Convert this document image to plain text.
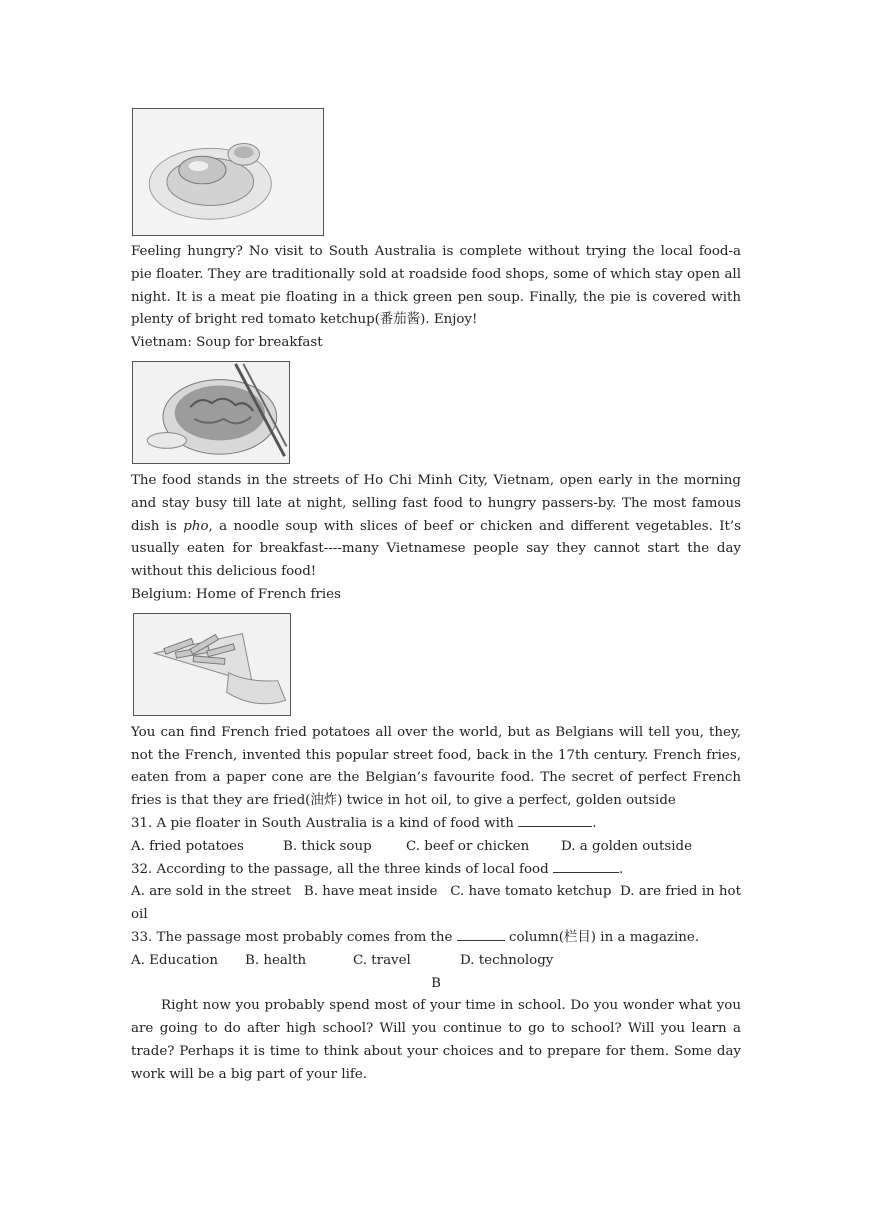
Feeling hungry? No visit to South Australia is complete without trying the local food-a pie floater. They are traditionally sold at roadside food shops, some of which stay open all night. It is a meat pie floating in a thick green pen soup. Finally, the pie is covered with plenty of bright red tomato ketchup(番茄酱). Enjoy!

Vietnam: Soup for breakfast

The food stands in the streets of Ho Chi Minh City, Vietnam, open early in the morning and stay busy till late at night, selling fast food to hungry passers-by. The most famous dish is pho, a noodle soup with slices of beef or chicken and different vegetables. It’s usually eaten for breakfast----many Vietnamese people say they cannot start the day without this delicious food!

Belgium: Home of French fries

You can find French fried potatoes all over the world, but as Belgians will tell you, they, not the French, invented this popular street food, back in the 17th century. French fries, eaten from a paper cone are the Belgian’s favourite food. The secret of perfect French fries is that they are fried(油炸) twice in hot oil, to give a perfect, golden outside

31. A pie floater in South Australia is a kind of food with	.
A. fried potatoes	B. thick soup	C. beef or chicken D. a golden outside
32. According to the passage, all the three kinds of local food	.

A. are sold in the street B. have meat inside C. have tomato ketchup D. are fried in hot oil

33. The passage most probably comes from the	column(栏目) in a magazine.
A. Education B. health	C. travel	D. technology
B

Right now you probably spend most of your time in school. Do you wonder what you are going to do after high school? Will you continue to go to school? Will you learn a trade? Perhaps it is time to think about your choices and to prepare for them. Some day work will be a big part of your life.
